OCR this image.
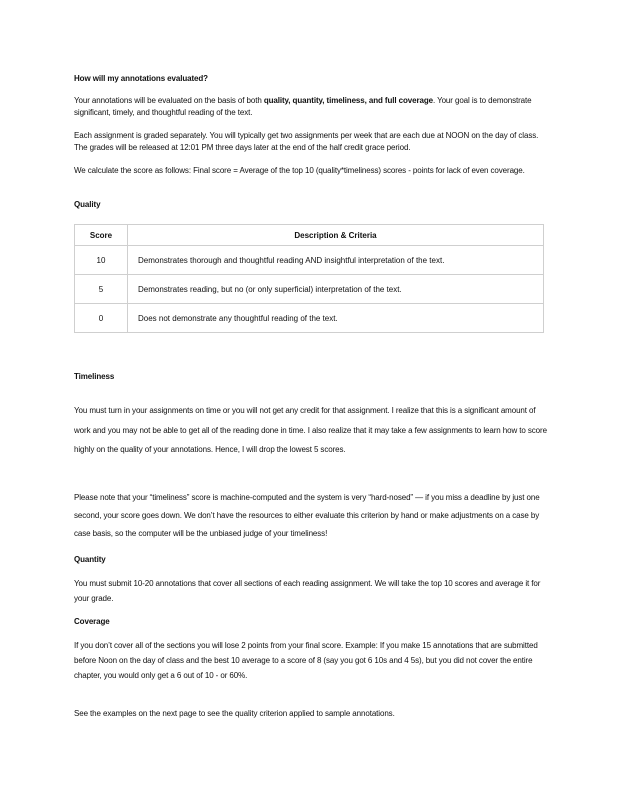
How will my annotations evaluated?
Your annotations will be evaluated on the basis of both quality, quantity, timeliness, and full coverage. Your goal is to demonstrate significant, timely, and thoughtful reading of the text.
Each assignment is graded separately. You will typically get two assignments per week that are each due at NOON on the day of class. The grades will be released at 12:01 PM three days later at the end of the half credit grace period.
We calculate the score as follows: Final score = Average of the top 10 (quality*timeliness) scores - points for lack of even coverage.
Quality
Score	Description & Criteria
10	Demonstrates thorough and thoughtful reading AND insightful interpretation of the text.
5	Demonstrates reading, but no (or only superficial) interpretation of the text.
0	Does not demonstrate any thoughtful reading of the text.
Timeliness
You must turn in your assignments on time or you will not get any credit for that assignment. I realize that this is a significant amount of work and you may not be able to get all of the reading done in time. I also realize that it may take a few assignments to learn how to score highly on the quality of your annotations. Hence, I will drop the lowest 5 scores.
Please note that your “timeliness” score is machine-computed and the system is very “hard-nosed” — if you miss a deadline by just one second, your score goes down. We don’t have the resources to either evaluate this criterion by hand or make adjustments on a case by case basis, so the computer will be the unbiased judge of your timeliness!
Quantity
You must submit 10-20 annotations that cover all sections of each reading assignment. We will take the top 10 scores and average it for your grade.
Coverage
If you don’t cover all of the sections you will lose 2 points from your final score. Example: If you make 15 annotations that are submitted before Noon on the day of class and the best 10 average to a score of 8 (say you got 6 10s and 4 5s), but you did not cover the entire chapter, you would only get a 6 out of 10 - or 60%.
See the examples on the next page to see the quality criterion applied to sample annotations.
